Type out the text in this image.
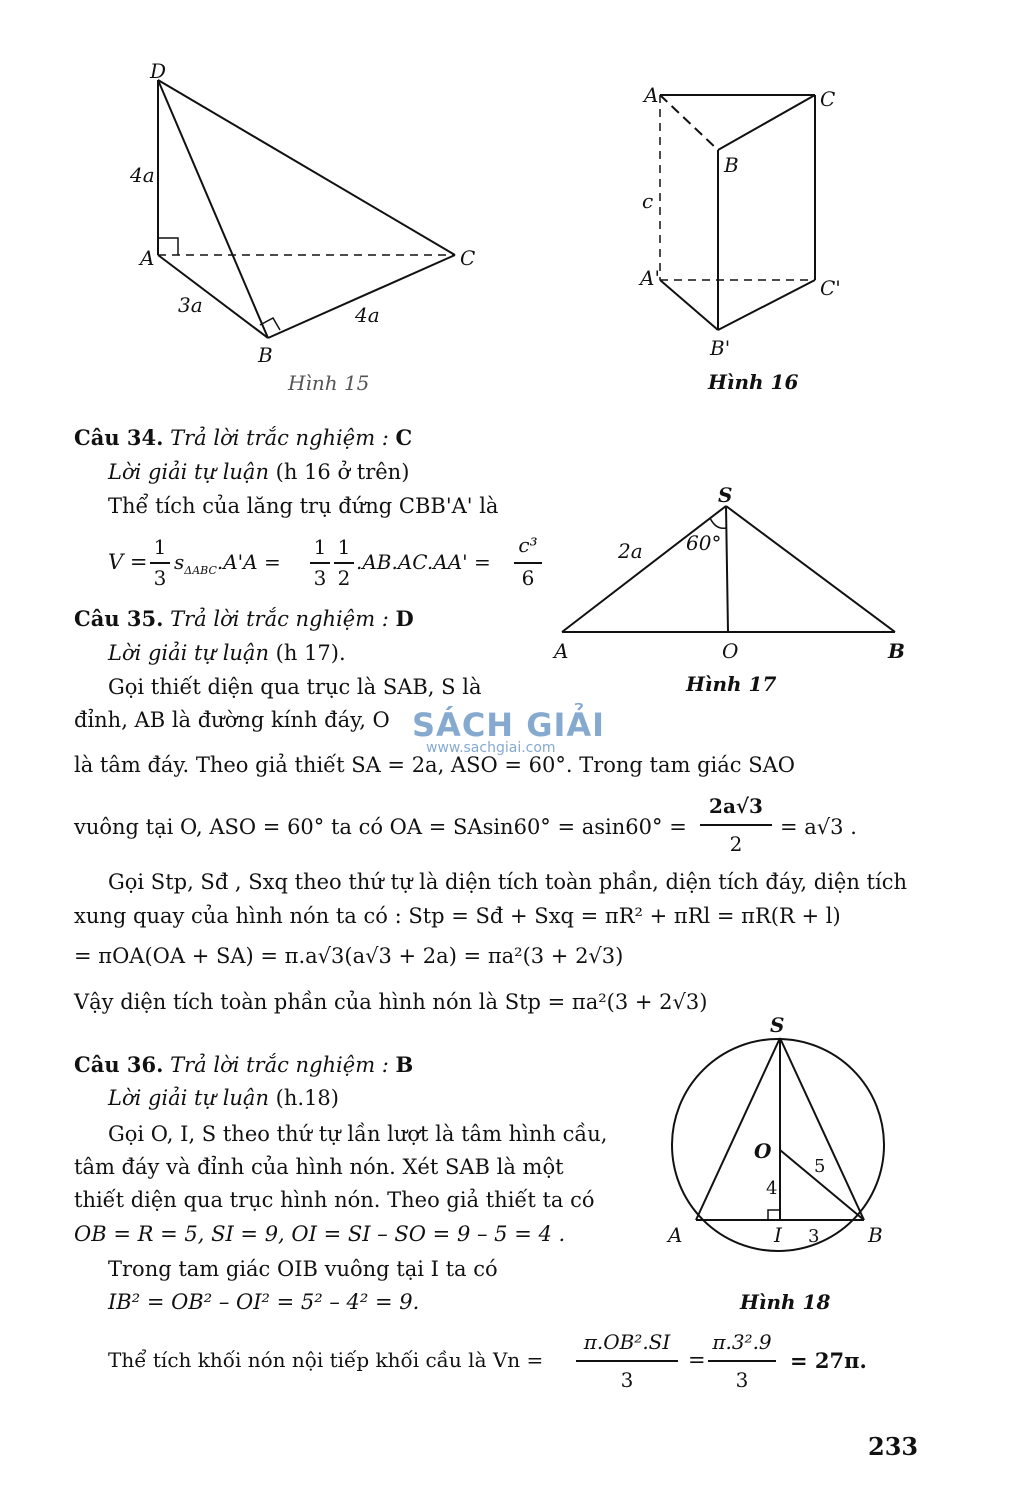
D
4a
A	C
3a	4a
B
Hình 15
A	C
B
c
A'	C'
B'
Hình 16
Câu 34. Trả lời trắc nghiệm : C
Lời giải tự luận (h 16 ở trên)
Thể tích của lăng trụ đứng CBB'A' là
V =
1
3
$s_{\Delta ABC}.A'A$ =
1
3
1
2
.AB.AC.AA' =
c³
6
S
2a 60°
A	O	B
Hình 17
Câu 35. Trả lời trắc nghiệm : D
Lời giải tự luận (h 17).
Gọi thiết diện qua trục là SAB, S là
đỉnh, AB là đường kính đáy, O SÁCH GIẢI
www.sachgiai.com
là tâm đáy. Theo giả thiết SA = 2a, ASO = 60°. Trong tam giác SAO
vuông tại O, ASO = 60° ta có OA = SAsin60° = asin60° =
2a√3
2
= a√3 .
Gọi Stp, Sđ , Sxq theo thứ tự là diện tích toàn phần, diện tích đáy, diện tích
xung quay của hình nón ta có : Stp = Sđ + Sxq = πR² + πRl = πR(R + l)
= πOA(OA + SA) = π.a√3(a√3 + 2a) = πa²(3 + 2√3)
Vậy diện tích toàn phần của hình nón là Stp = πa²(3 + 2√3)
S
O
5
4
A	I 3 B
Hình 18
Câu 36. Trả lời trắc nghiệm : B
Lời giải tự luận (h.18)
Gọi O, I, S theo thứ tự lần lượt là tâm hình cầu,
tâm đáy và đỉnh của hình nón. Xét SAB là một
thiết diện qua trục hình nón. Theo giả thiết ta có
OB = R = 5, SI = 9, OI = SI – SO = 9 – 5 = 4 .
Trong tam giác OIB vuông tại I ta có
IB² = OB² – OI² = 5² – 4² = 9.
Thể tích khối nón nội tiếp khối cầu là Vn =
π.OB².SI
3
=
π.3².9
3
= 27π.
233
